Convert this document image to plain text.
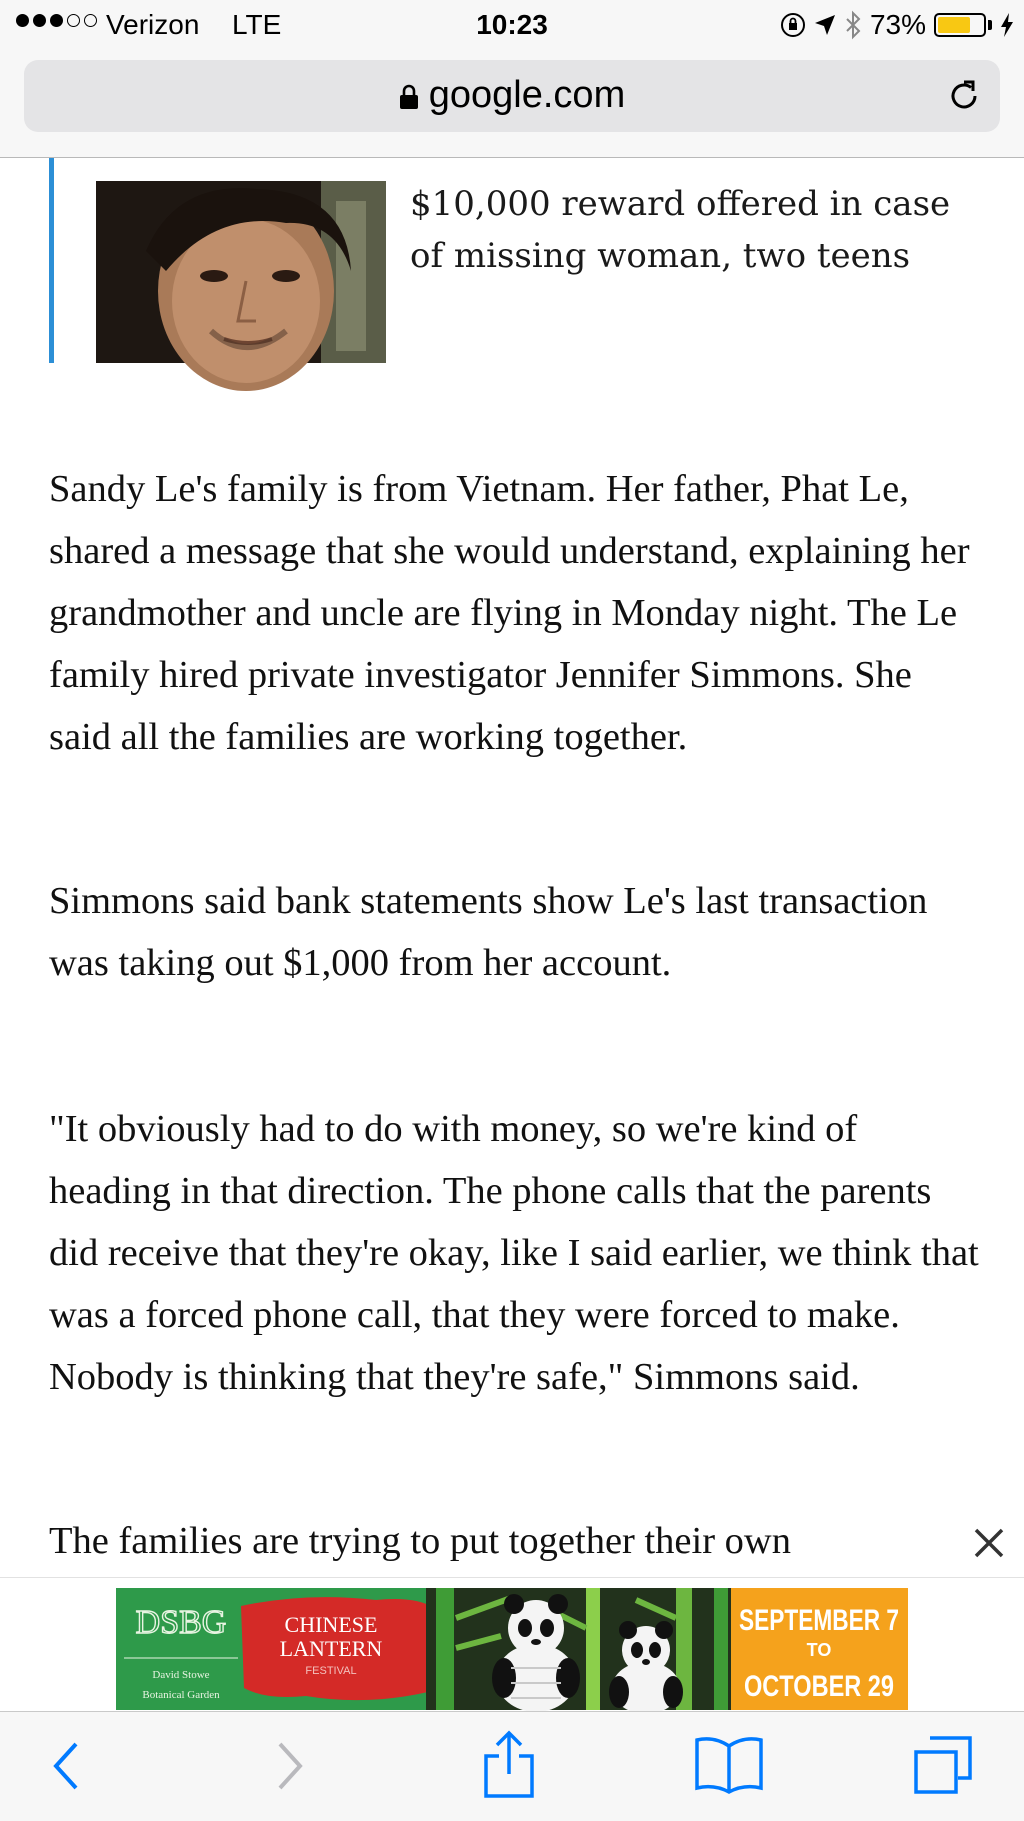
Verizon LTE	10:23	73%
google.com
$10,000 reward offered in case of missing woman, two teens

Sandy Le's family is from Vietnam. Her father, Phat Le, shared a message that she would understand, explaining her grandmother and uncle are flying in Monday night. The Le family hired private investigator Jennifer Simmons. She said all the families are working together.

Simmons said bank statements show Le's last transaction was taking out $1,000 from her account.

"It obviously had to do with money, so we're kind of heading in that direction. The phone calls that the parents did receive that they're okay, like I said earlier, we think that was a forced phone call, that they were forced to make. Nobody is thinking that they're safe," Simmons said.

The families are trying to put together their own

DSBG
David Stowe
Botanical Garden
CHINESE
LANTERN
FESTIVAL
SEPTEMBER 7
TO
OCTOBER 29
